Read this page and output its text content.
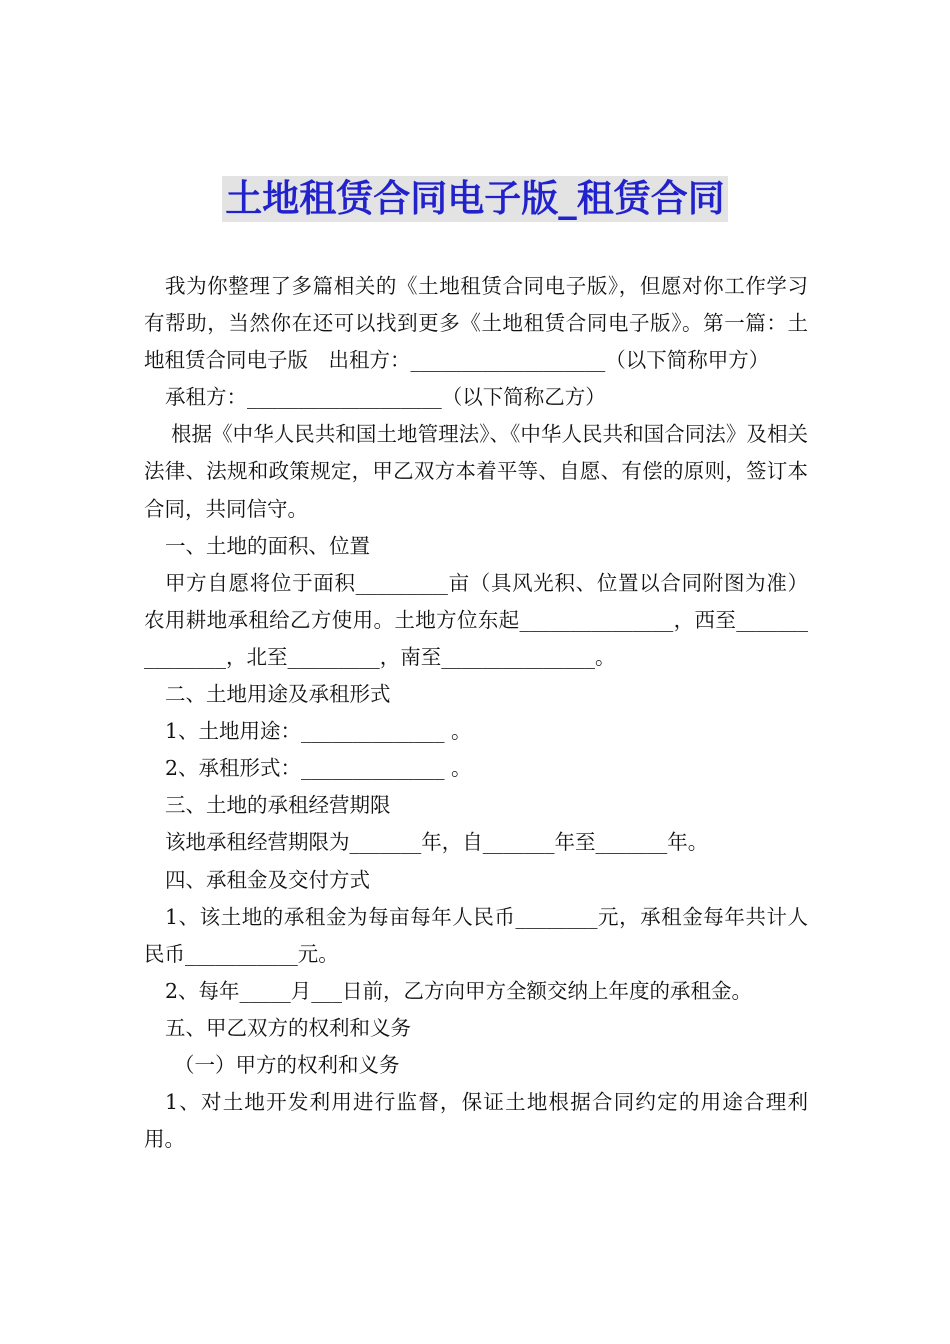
土地租赁合同电子版_租赁合同

我为你整理了多篇相关的《土地租赁合同电子版》，但愿对你工作学习有帮助，当然你在还可以找到更多《土地租赁合同电子版》。第一篇：土地租赁合同电子版　出租方：___________________（以下简称甲方）

承租方：___________________（以下简称乙方）

根据《中华人民共和国土地管理法》、《中华人民共和国合同法》及相关法律、法规和政策规定，甲乙双方本着平等、自愿、有偿的原则，签订本合同，共同信守。

一、土地的面积、位置

甲方自愿将位于面积_________亩（具风光积、位置以合同附图为准）农用耕地承租给乙方使用。土地方位东起_______________，西至_______________，北至_________，南至_______________。

二、土地用途及承租形式

1、土地用途：______________ 。

2、承租形式：______________ 。

三、土地的承租经营期限

该地承租经营期限为_______年，自_______年至_______年。

四、承租金及交付方式

1、该土地的承租金为每亩每年人民币________元，承租金每年共计人民币___________元。

2、每年_____月___日前，乙方向甲方全额交纳上年度的承租金。

五、甲乙双方的权利和义务

（一）甲方的权利和义务

1、对土地开发利用进行监督，保证土地根据合同约定的用途合理利用。
